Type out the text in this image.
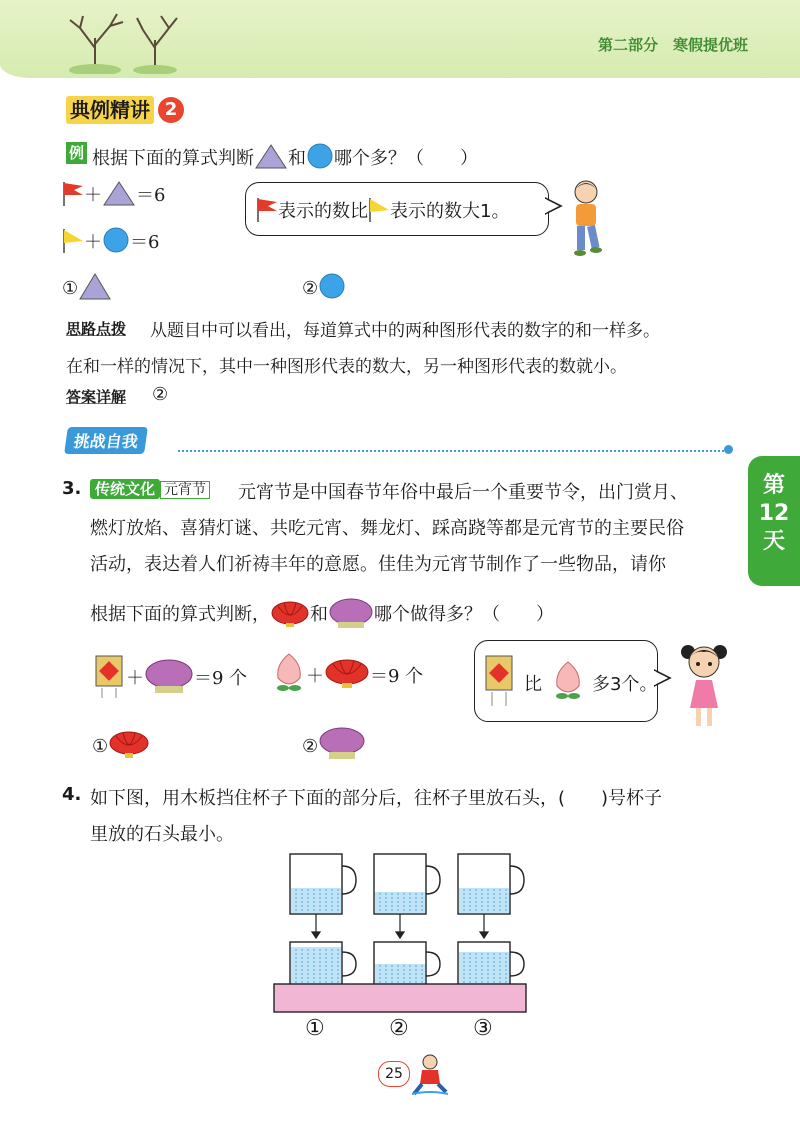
第二部分　寒假提优班
典例精讲 2
例 根据下面的算式判断 和 哪个多？（　　）
＋ ＝6
＋ ＝6
表示的数比 表示的数大1。
①	②
思路点拨 从题目中可以看出，每道算式中的两种图形代表的数字的和一样多。
在和一样的情况下，其中一种图形代表的数大，另一种图形代表的数就小。
答案详解 ②
挑战自我
第
12
天
3. 传统文化 元宵节 元宵节是中国春节年俗中最后一个重要节令，出门赏月、
燃灯放焰、喜猜灯谜、共吃元宵、舞龙灯、踩高跷等都是元宵节的主要民俗
活动，表达着人们祈祷丰年的意愿。佳佳为元宵节制作了一些物品，请你
根据下面的算式判断， 和	哪个做得多？（　　）
＋	＝9 个	＋	＝9 个	比	多3个。
①	②
4. 如下图，用木板挡住杯子下面的部分后，往杯子里放石头，(　　)号杯子
里放的石头最小。
①	②	③
25
